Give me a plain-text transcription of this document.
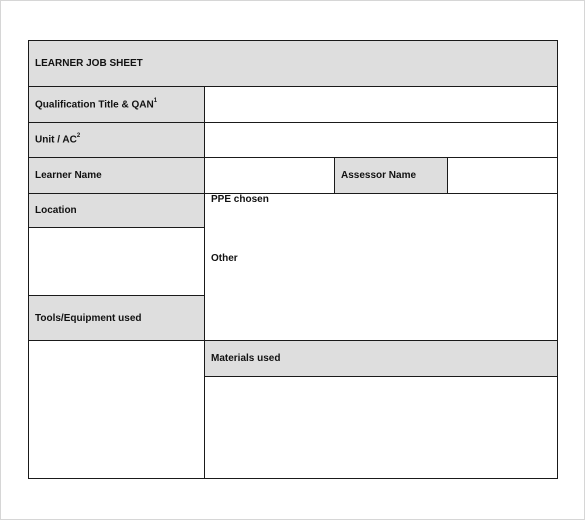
LEARNER JOB SHEET
Qualification Title & QAN$^1$
Unit / $AC^2$
Learner Name	Assessor Name
Location
PPE chosen
Other
Tools/Equipment used
Materials used
